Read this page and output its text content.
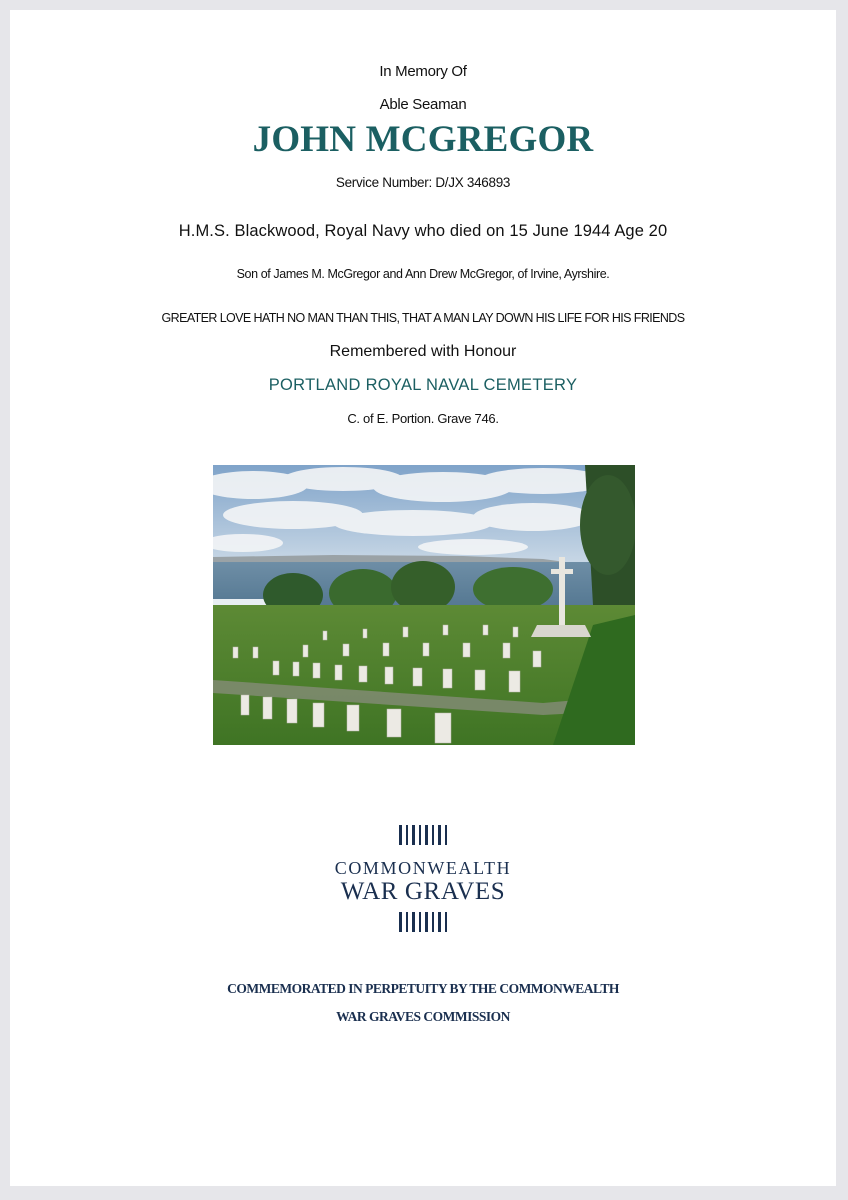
In Memory Of
Able Seaman
JOHN MCGREGOR
Service Number: D/JX 346893
H.M.S. Blackwood, Royal Navy who died on 15 June 1944 Age 20
Son of James M. McGregor and Ann Drew McGregor, of Irvine, Ayrshire.
GREATER LOVE HATH NO MAN THAN THIS, THAT A MAN LAY DOWN HIS LIFE FOR HIS FRIENDS
Remembered with Honour
PORTLAND ROYAL NAVAL CEMETERY
C. of E. Portion. Grave 746.
COMMONWEALTH
WAR GRAVES
COMMEMORATED IN PERPETUITY BY THE COMMONWEALTH
WAR GRAVES COMMISSION
